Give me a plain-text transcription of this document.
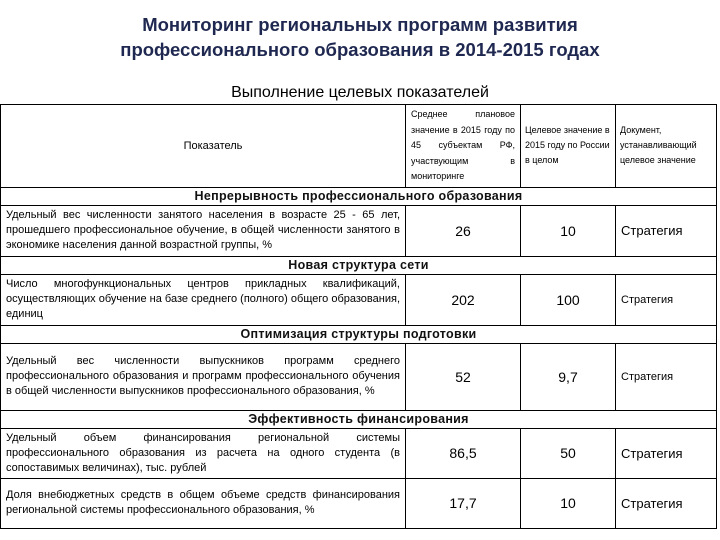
Мониторинг региональных программ развития
профессионального образования в 2014-2015 годах
Выполнение целевых показателей
Показатель	Среднее плановое значение в 2015 году по 45 субъектам РФ, участвующим в мониторинге	Целевое значение в 2015 году по России в целом	Документ, устанавливающий целевое значение
Непрерывность профессионального образования			
Удельный вес численности занятого населения в возрасте 25 - 65 лет, прошедшего профессиональное обучение, в общей численности занятого в экономике населения данной возрастной группы, %	26	10	Стратегия
Новая структура сети			
Число многофункциональных центров прикладных квалификаций, осуществляющих обучение на базе среднего (полного) общего образования, единиц	202	100	Стратегия
Оптимизация структуры подготовки			
Удельный вес численности выпускников программ среднего профессионального образования и программ профессионального обучения в общей численности выпускников профессионального образования, %	52	9,7	Стратегия
Эффективность финансирования			
Удельный объем финансирования региональной системы профессионального образования из расчета на одного студента (в сопоставимых величинах), тыс. рублей	86,5	50	Стратегия
Доля внебюджетных средств в общем объеме средств финансирования региональной системы профессионального образования, %	17,7	10	Стратегия
